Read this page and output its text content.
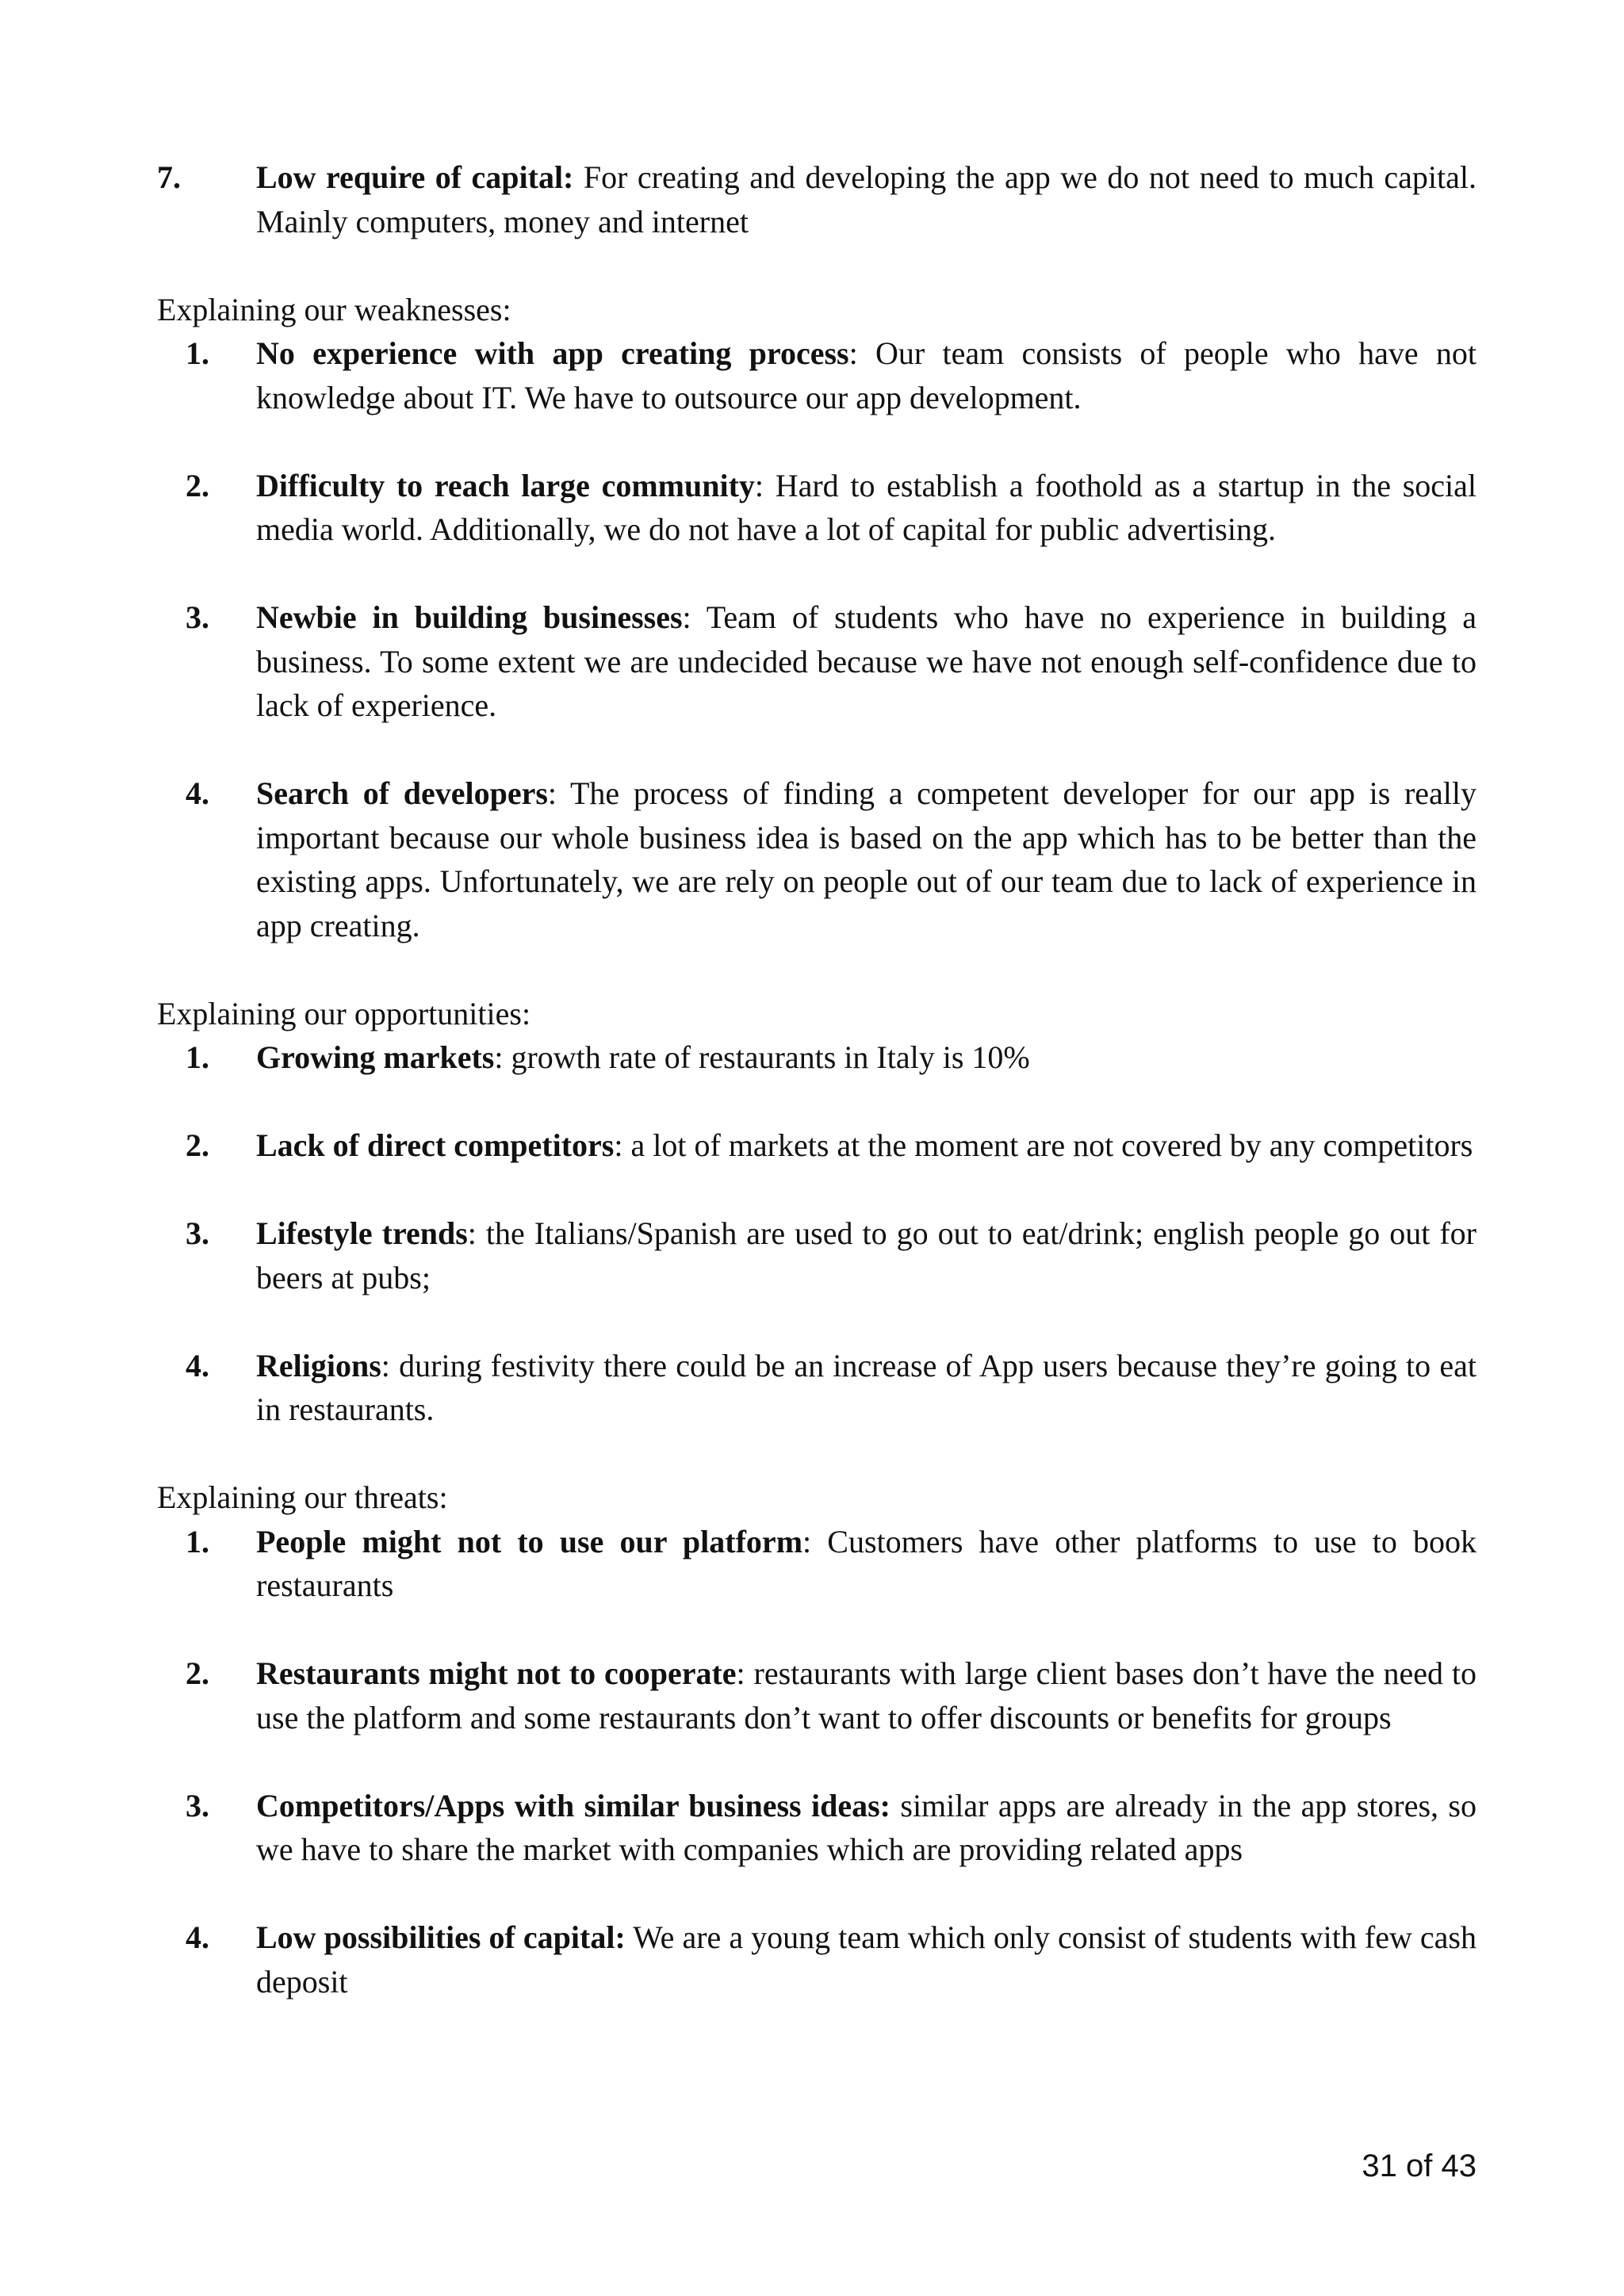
7. Low require of capital: For creating and developing the app we do not need to much capital. Mainly computers, money and internet
Explaining our weaknesses:
1. No experience with app creating process: Our team consists of people who have not knowledge about IT. We have to outsource our app development.
2. Difficulty to reach large community: Hard to establish a foothold as a startup in the social media world. Additionally, we do not have a lot of capital for public advertising.
3. Newbie in building businesses: Team of students who have no experience in building a business. To some extent we are undecided because we have not enough self-confidence due to lack of experience.
4. Search of developers: The process of finding a competent developer for our app is really important because our whole business idea is based on the app which has to be better than the existing apps. Unfortunately, we are rely on people out of our team due to lack of experience in app creating.
Explaining our opportunities:
1. Growing markets: growth rate of restaurants in Italy is 10%
2. Lack of direct competitors: a lot of markets at the moment are not covered by any competitors
3. Lifestyle trends: the Italians/Spanish are used to go out to eat/drink; english people go out for beers at pubs;
4. Religions: during festivity there could be an increase of App users because they’re going to eat in restaurants.
Explaining our threats:
1. People might not to use our platform: Customers have other platforms to use to book restaurants
2. Restaurants might not to cooperate: restaurants with large client bases don’t have the need to use the platform and some restaurants don’t want to offer discounts or benefits for groups
3. Competitors/Apps with similar business ideas: similar apps are already in the app stores, so we have to share the market with companies which are providing related apps
4. Low possibilities of capital: We are a young team which only consist of students with few cash deposit
31 of 43
